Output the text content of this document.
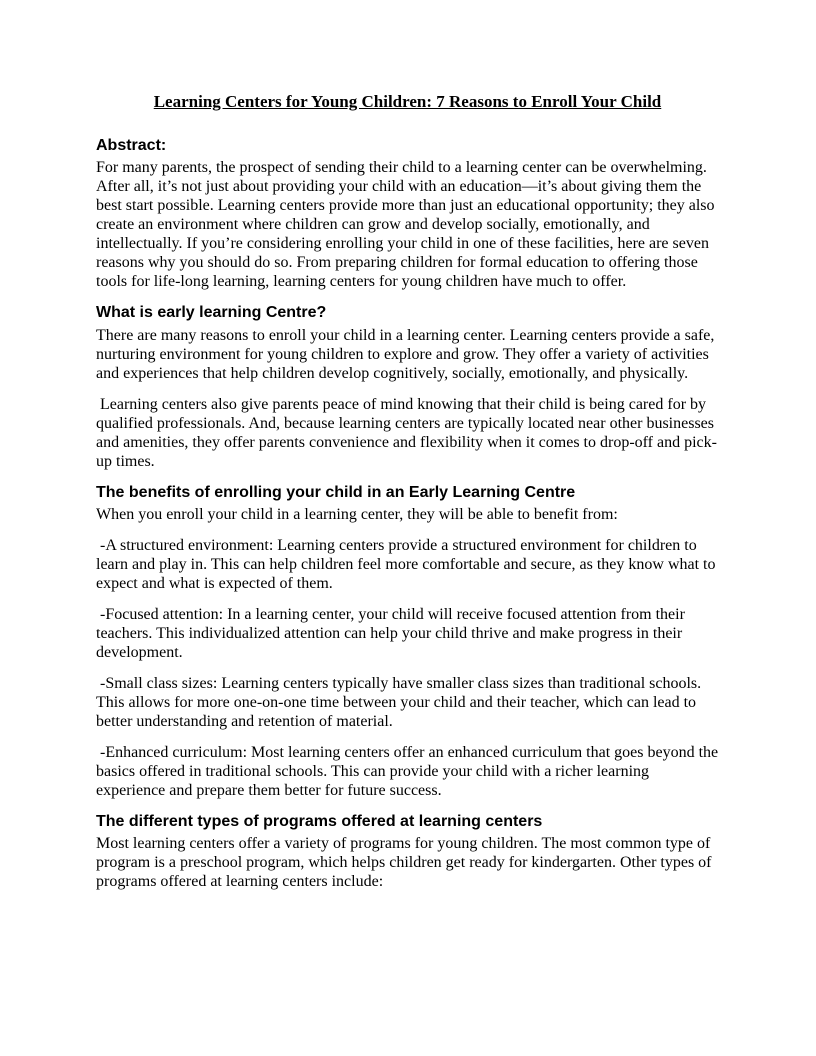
Learning Centers for Young Children: 7 Reasons to Enroll Your Child
Abstract:

For many parents, the prospect of sending their child to a learning center can be overwhelming. After all, it’s not just about providing your child with an education—it’s about giving them the best start possible. Learning centers provide more than just an educational opportunity; they also create an environment where children can grow and develop socially, emotionally, and intellectually. If you’re considering enrolling your child in one of these facilities, here are seven reasons why you should do so. From preparing children for formal education to offering those tools for life-long learning, learning centers for young children have much to offer.

What is early learning Centre?

There are many reasons to enroll your child in a learning center. Learning centers provide a safe, nurturing environment for young children to explore and grow. They offer a variety of activities and experiences that help children develop cognitively, socially, emotionally, and physically.

Learning centers also give parents peace of mind knowing that their child is being cared for by qualified professionals. And, because learning centers are typically located near other businesses and amenities, they offer parents convenience and flexibility when it comes to drop-off and pick-up times.

The benefits of enrolling your child in an Early Learning Centre

When you enroll your child in a learning center, they will be able to benefit from:

-A structured environment: Learning centers provide a structured environment for children to learn and play in. This can help children feel more comfortable and secure, as they know what to expect and what is expected of them.

-Focused attention: In a learning center, your child will receive focused attention from their teachers. This individualized attention can help your child thrive and make progress in their development.

-Small class sizes: Learning centers typically have smaller class sizes than traditional schools. This allows for more one-on-one time between your child and their teacher, which can lead to better understanding and retention of material.

-Enhanced curriculum: Most learning centers offer an enhanced curriculum that goes beyond the basics offered in traditional schools. This can provide your child with a richer learning experience and prepare them better for future success.

The different types of programs offered at learning centers

Most learning centers offer a variety of programs for young children. The most common type of program is a preschool program, which helps children get ready for kindergarten. Other types of programs offered at learning centers include:
